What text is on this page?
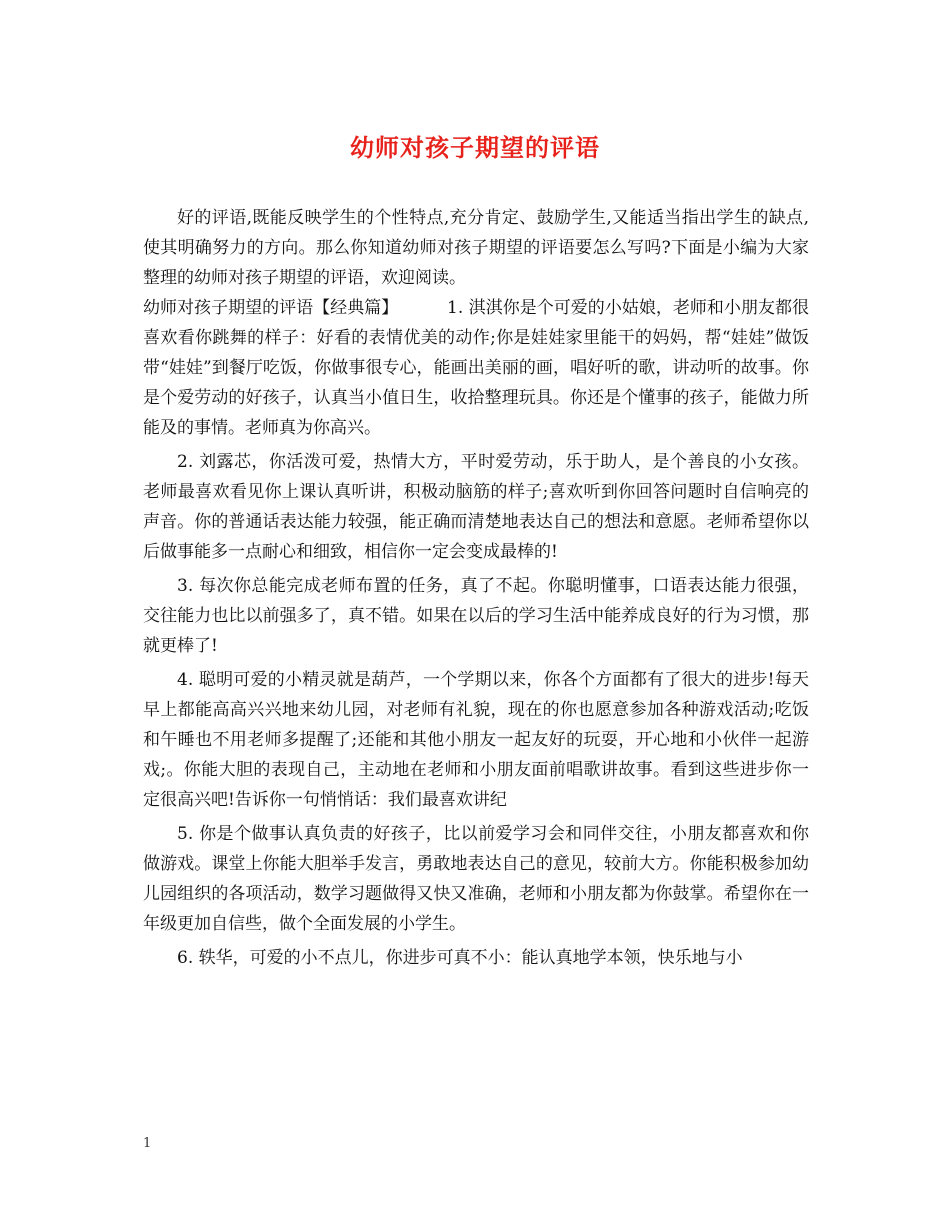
幼师对孩子期望的评语

好的评语,既能反映学生的个性特点,充分肯定、鼓励学生,又能适当指出学生的缺点,使其明确努力的方向。那么你知道幼师对孩子期望的评语要怎么写吗?下面是小编为大家整理的幼师对孩子期望的评语，欢迎阅读。

幼师对孩子期望的评语【经典篇】	1. 淇淇你是个可爱的小姑娘，老师和小朋友都很喜欢看你跳舞的样子：好看的表情优美的动作;你是娃娃家里能干的妈妈，帮“娃娃”做饭带“娃娃”到餐厅吃饭，你做事很专心，能画出美丽的画，唱好听的歌，讲动听的故事。你是个爱劳动的好孩子，认真当小值日生，收拾整理玩具。你还是个懂事的孩子，能做力所能及的事情。老师真为你高兴。

2. 刘露芯，你活泼可爱，热情大方，平时爱劳动，乐于助人，是个善良的小女孩。老师最喜欢看见你上课认真听讲，积极动脑筋的样子;喜欢听到你回答问题时自信响亮的声音。你的普通话表达能力较强，能正确而清楚地表达自己的想法和意愿。老师希望你以后做事能多一点耐心和细致，相信你一定会变成最棒的!

3. 每次你总能完成老师布置的任务，真了不起。你聪明懂事，口语表达能力很强，交往能力也比以前强多了，真不错。如果在以后的学习生活中能养成良好的行为习惯，那就更棒了!

4. 聪明可爱的小精灵就是葫芦，一个学期以来，你各个方面都有了很大的进步!每天早上都能高高兴兴地来幼儿园，对老师有礼貌，现在的你也愿意参加各种游戏活动;吃饭和午睡也不用老师多提醒了;还能和其他小朋友一起友好的玩耍，开心地和小伙伴一起游戏;。你能大胆的表现自己，主动地在老师和小朋友面前唱歌讲故事。看到这些进步你一定很高兴吧!告诉你一句悄悄话：我们最喜欢讲纪

5. 你是个做事认真负责的好孩子，比以前爱学习会和同伴交往，小朋友都喜欢和你做游戏。课堂上你能大胆举手发言，勇敢地表达自己的意见，较前大方。你能积极参加幼儿园组织的各项活动，数学习题做得又快又准确，老师和小朋友都为你鼓掌。希望你在一年级更加自信些，做个全面发展的小学生。

6. 轶华，可爱的小不点儿，你进步可真不小：能认真地学本领，快乐地与小

1
